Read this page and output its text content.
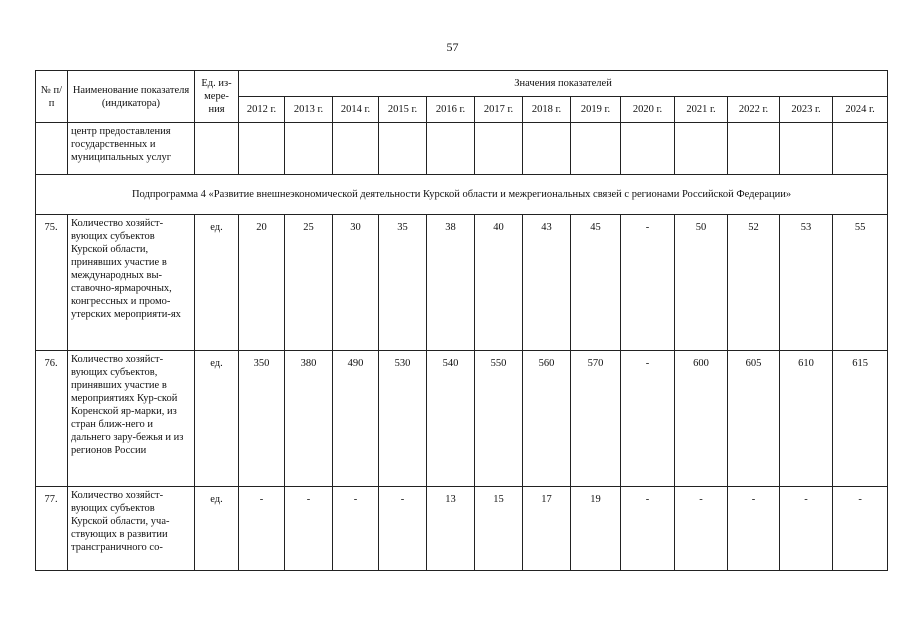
57
№ п/п	Наименование показателя (индикатора)	Ед. из-мере-ния	Значения показателей												
			2012 г.	2013 г.	2014 г.	2015 г.	2016 г.	2017 г.	2018 г.	2019 г.	2020 г.	2021 г.	2022 г.	2023 г.	2024 г.
	центр предоставления государственных и муниципальных услуг														
Подпрограмма 4 «Развитие внешнеэкономической деятельности Курской области и межрегиональных связей с регионами Российской Федерации»															
75.	Количество хозяйст-вующих субъектов Курской области, принявших участие в международных вы-ставочно-ярмарочных, конгрессных и промо-утерских мероприяти-ях	ед.	20	25	30	35	38	40	43	45	-	50	52	53	55
76.	Количество хозяйст-вующих субъектов, принявших участие в мероприятиях Кур-ской Коренской яр-марки, из стран ближ-него и дальнего зару-бежья и из регионов России	ед.	350	380	490	530	540	550	560	570	-	600	605	610	615
77.	Количество хозяйст-вующих субъектов Курской области, уча-ствующих в развитии трансграничного со-	ед.	-	-	-	-	13	15	17	19	-	-	-	-	-
